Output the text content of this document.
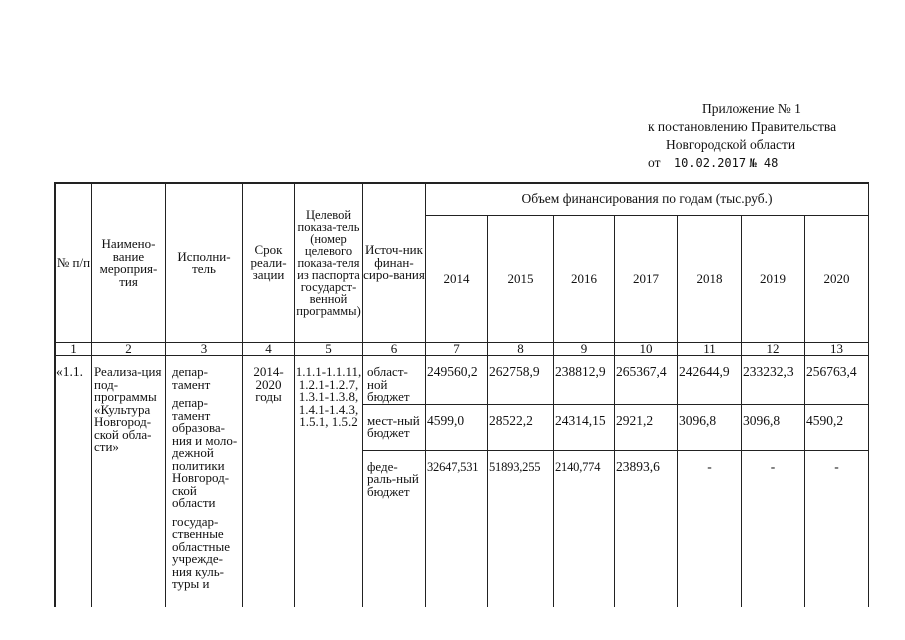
Приложение № 1
к постановлению Правительства
Новгородской области
от 10.02.2017 № 48
№ п/п	Наимено-вание мероприя-тия	Исполни-тель	Срок реали-зации	Целевой показа-тель (номер целевого показа-теля из паспорта государст-венной программы)	Источ-ник финан-сиро-вания	Объем финансирования по годам (тыс.руб.)						
						2014	2015	2016	2017	2018	2019	2020
1	2	3	4	5	6	7	8	9	10	11	12	13
«1.1.	Реализа-ция под-программы «Культура Новгород-ской обла-сти»	депар-тамент
депар-тамент образова-ния и моло-дежной политики Новгород-ской области
государ-ственные областные учрежде-ния куль-туры и	2014-2020 годы	1.1.1-1.1.11, 1.2.1-1.2.7, 1.3.1-1.3.8, 1.4.1-1.4.3, 1.5.1, 1.5.2	област-ной бюджет	249560,2	262758,9	238812,9	265367,4	242644,9	233232,3	256763,4
					мест-ный бюджет	4599,0	28522,2	24314,15	2921,2	3096,8	3096,8	4590,2
					феде-раль-ный бюджет	32647,531	51893,255	2140,774	23893,6	-	-	-
